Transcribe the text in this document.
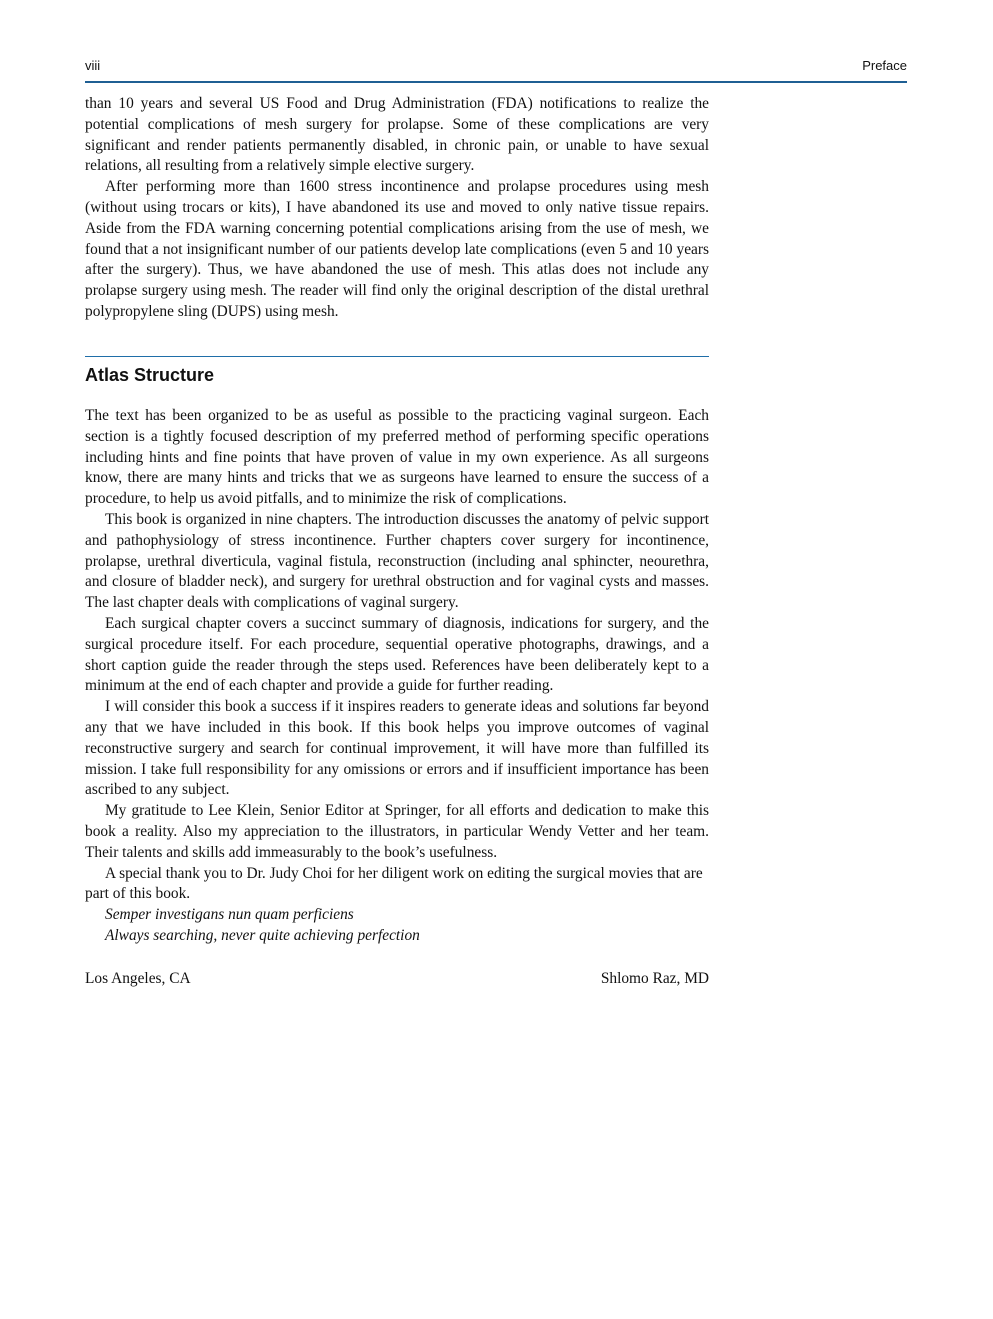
viii	Preface

than 10 years and several US Food and Drug Administration (FDA) notifications to realize the potential complications of mesh surgery for prolapse. Some of these complications are very significant and render patients permanently disabled, in chronic pain, or unable to have sexual relations, all resulting from a relatively simple elective surgery.

After performing more than 1600 stress incontinence and prolapse procedures using mesh (without using trocars or kits), I have abandoned its use and moved to only native tissue repairs. Aside from the FDA warning concerning potential complications arising from the use of mesh, we found that a not insignificant number of our patients develop late complications (even 5 and 10 years after the surgery). Thus, we have abandoned the use of mesh. This atlas does not include any prolapse surgery using mesh. The reader will find only the original description of the distal urethral polypropylene sling (DUPS) using mesh.

Atlas Structure

The text has been organized to be as useful as possible to the practicing vaginal surgeon. Each section is a tightly focused description of my preferred method of performing specific operations including hints and fine points that have proven of value in my own experience. As all surgeons know, there are many hints and tricks that we as surgeons have learned to ensure the success of a procedure, to help us avoid pitfalls, and to minimize the risk of complications.

This book is organized in nine chapters. The introduction discusses the anatomy of pelvic support and pathophysiology of stress incontinence. Further chapters cover surgery for incontinence, prolapse, urethral diverticula, vaginal fistula, reconstruction (including anal sphincter, neourethra, and closure of bladder neck), and surgery for urethral obstruction and for vaginal cysts and masses. The last chapter deals with complications of vaginal surgery.

Each surgical chapter covers a succinct summary of diagnosis, indications for surgery, and the surgical procedure itself. For each procedure, sequential operative photographs, drawings, and a short caption guide the reader through the steps used. References have been deliberately kept to a minimum at the end of each chapter and provide a guide for further reading.

I will consider this book a success if it inspires readers to generate ideas and solutions far beyond any that we have included in this book. If this book helps you improve outcomes of vaginal reconstructive surgery and search for continual improvement, it will have more than fulfilled its mission. I take full responsibility for any omissions or errors and if insufficient importance has been ascribed to any subject.

My gratitude to Lee Klein, Senior Editor at Springer, for all efforts and dedication to make this book a reality. Also my appreciation to the illustrators, in particular Wendy Vetter and her team. Their talents and skills add immeasurably to the book’s usefulness.

A special thank you to Dr. Judy Choi for her diligent work on editing the surgical movies that are part of this book.

Semper investigans nun quam perficiens

Always searching, never quite achieving perfection

Los Angeles, CA	Shlomo Raz, MD
